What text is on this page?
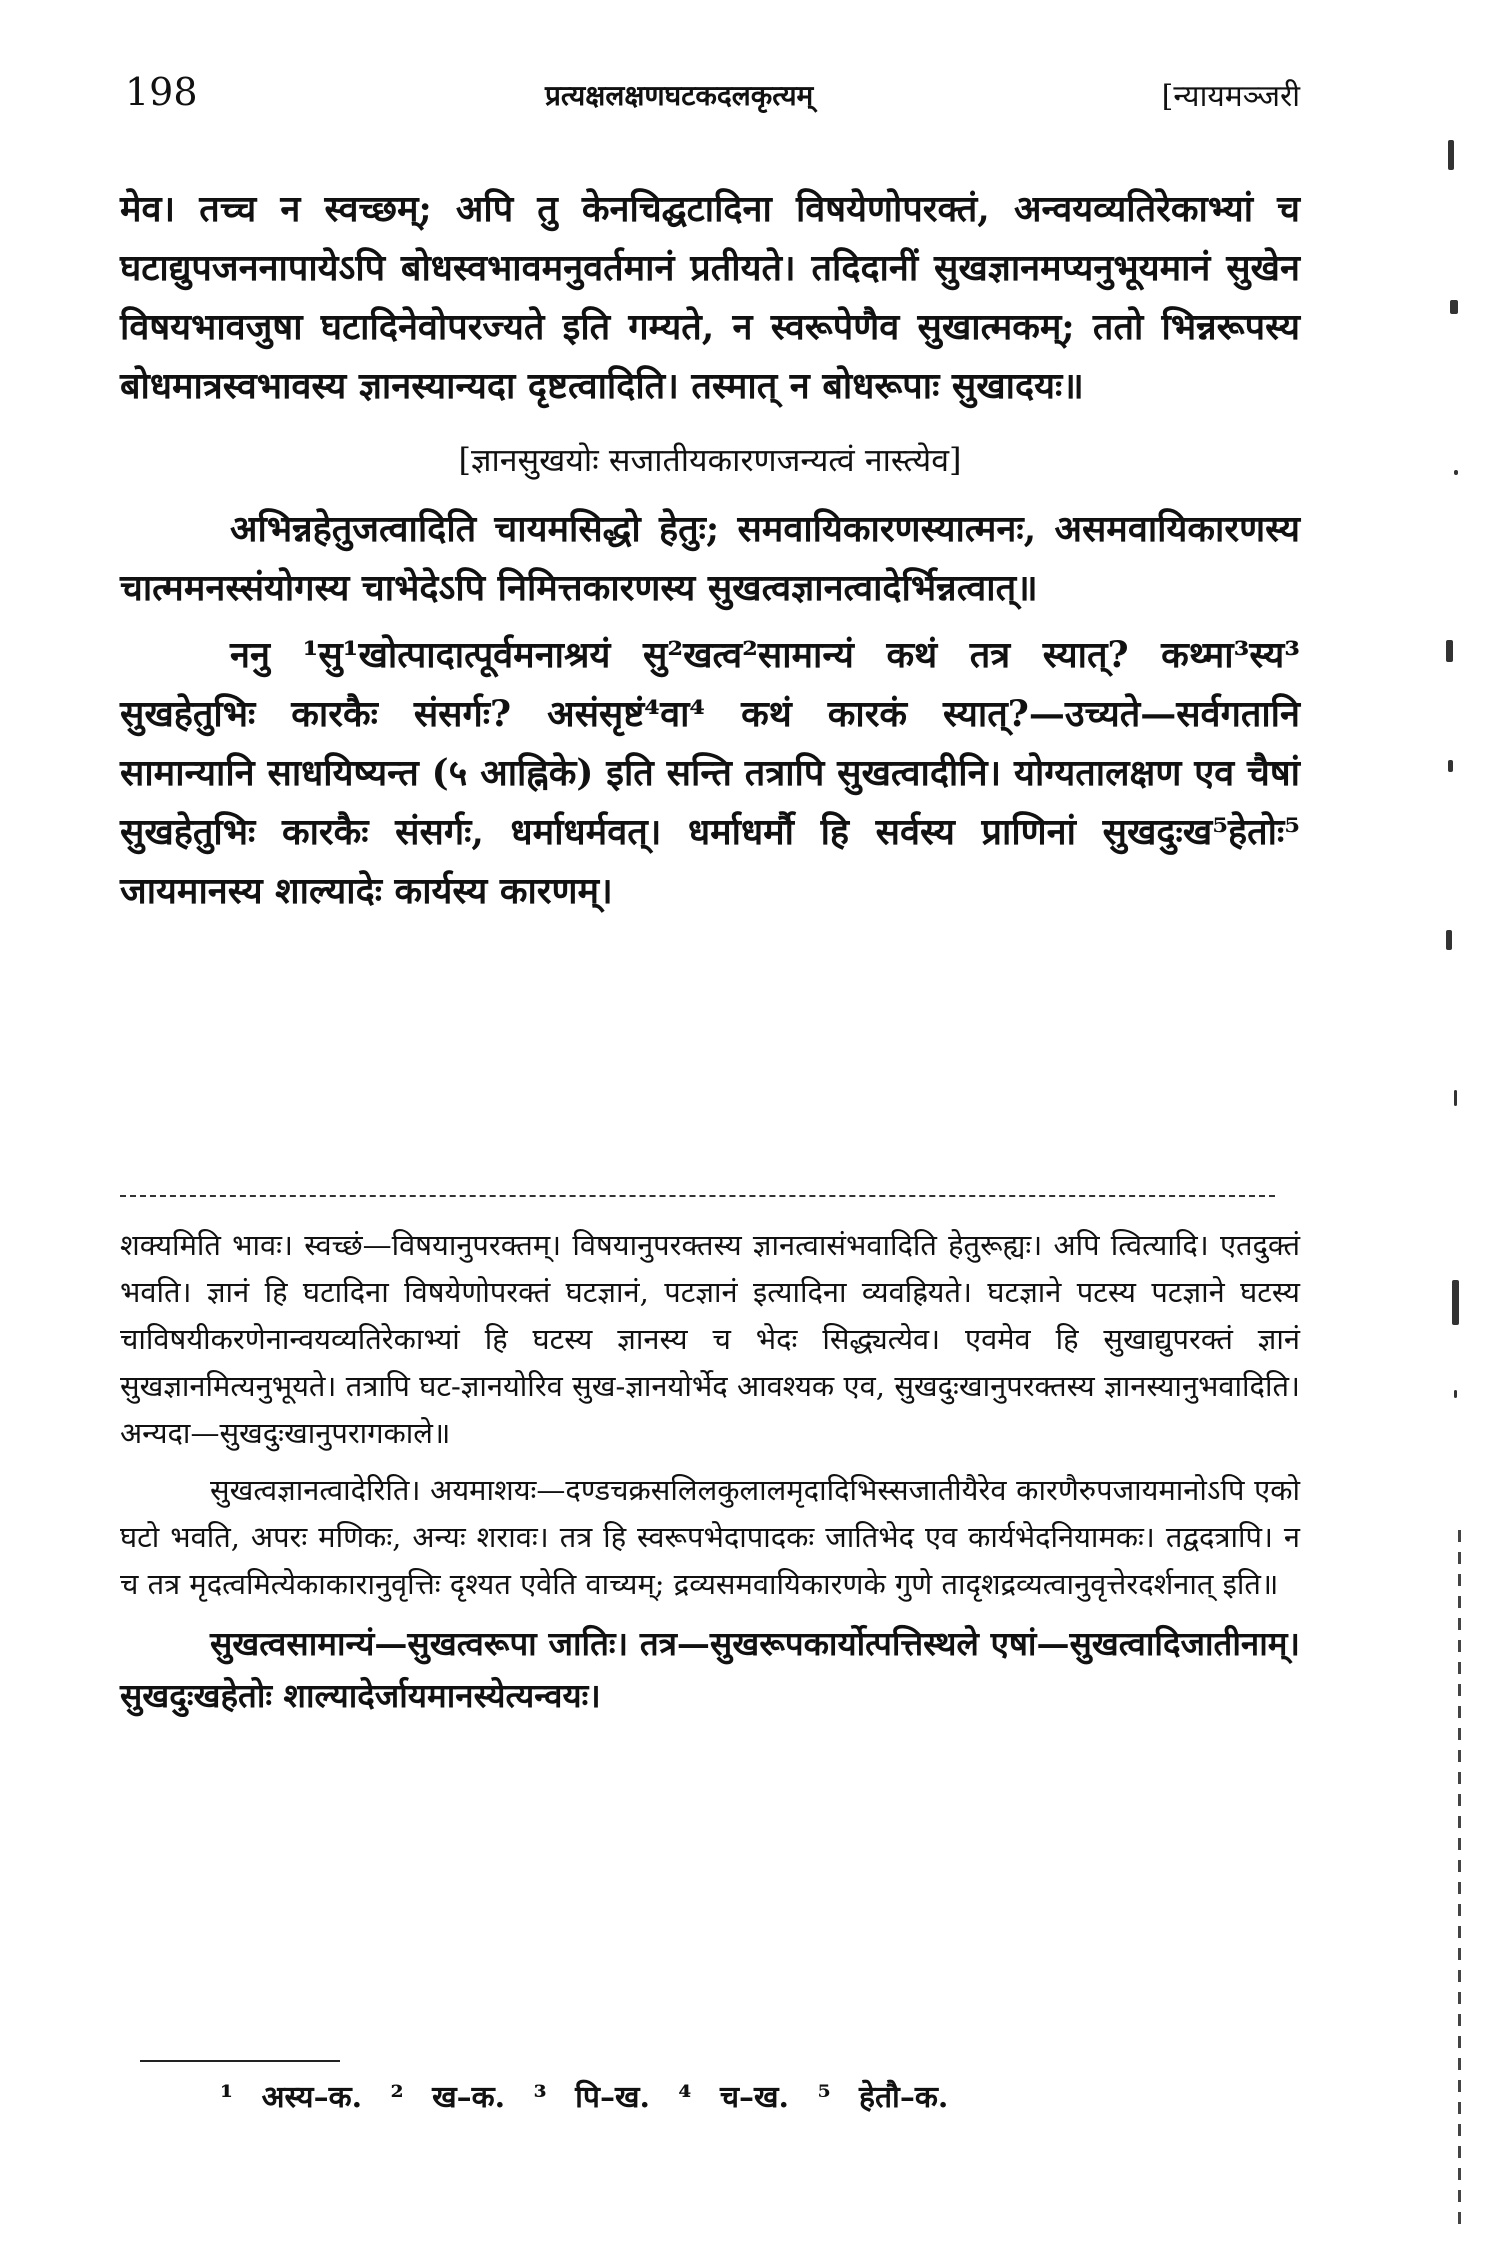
198	प्रत्यक्षलक्षणघटकदलकृत्यम्	[न्यायमञ्जरी

मेव। तच्च न स्वच्छम्; अपि तु केनचिद्घटादिना विषयेणोपरक्तं, अन्वयव्यतिरेकाभ्यां च घटाद्युपजननापायेऽपि बोधस्वभावमनुवर्तमानं प्रतीयते। तदिदानीं सुखज्ञानमप्यनुभूयमानं सुखेन विषयभावजुषा घटादिनेवोपरज्यते इति गम्यते, न स्वरूपेणैव सुखात्मकम्; ततो भिन्नरूपस्य बोधमात्रस्वभावस्य ज्ञानस्यान्यदा दृष्टत्वादिति। तस्मात् न बोधरूपाः सुखादयः॥

[ज्ञानसुखयोः सजातीयकारणजन्यत्वं नास्त्येव]

अभिन्नहेतुजत्वादिति चायमसिद्धो हेतुः; समवायिकारणस्यात्मनः, असमवायिकारणस्य चात्ममनस्संयोगस्य चाभेदेऽपि निमित्तकारणस्य सुखत्वज्ञानत्वादेर्भिन्नत्वात्॥

ननु ¹सु¹खोत्पादात्पूर्वमनाश्रयं सु²खत्व²सामान्यं कथं तत्र स्यात्? कथ्मा³स्य³ सुखहेतुभिः कारकैः संसर्गः? असंसृष्टं⁴वा⁴ कथं कारकं स्यात्?—उच्यते—सर्वगतानि सामान्यानि साधयिष्यन्त (५ आह्निके) इति सन्ति तत्रापि सुखत्वादीनि। योग्यतालक्षण एव चैषां सुखहेतुभिः कारकैः संसर्गः, धर्माधर्मवत्। धर्माधर्मौ हि सर्वस्य प्राणिनां सुखदुःख⁵हेतोः⁵ जायमानस्य शाल्यादेः कार्यस्य कारणम्।

शक्यमिति भावः। स्वच्छं—विषयानुपरक्तम्। विषयानुपरक्तस्य ज्ञानत्वासंभवादिति हेतुरूह्यः। अपि त्वित्यादि। एतदुक्तं भवति। ज्ञानं हि घटादिना विषयेणोपरक्तं घटज्ञानं, पटज्ञानं इत्यादिना व्यवह्रियते। घटज्ञाने पटस्य पटज्ञाने घटस्य चाविषयीकरणेनान्वयव्यतिरेकाभ्यां हि घटस्य ज्ञानस्य च भेदः सिद्ध्यत्येव। एवमेव हि सुखाद्युपरक्तं ज्ञानं सुखज्ञानमित्यनुभूयते। तत्रापि घट-ज्ञानयोरिव सुख-ज्ञानयोर्भेद आवश्यक एव, सुखदुःखानुपरक्तस्य ज्ञानस्यानुभवादिति। अन्यदा—सुखदुःखानुपरागकाले॥

सुखत्वज्ञानत्वादेरिति। अयमाशयः—दण्डचक्रसलिलकुलालमृदादिभिस्सजातीयैरेव कारणैरुपजायमानोऽपि एको घटो भवति, अपरः मणिकः, अन्यः शरावः। तत्र हि स्वरूपभेदापादकः जातिभेद एव कार्यभेदनियामकः। तद्वदत्रापि। न च तत्र मृदत्वमित्येकाकारानुवृत्तिः दृश्यत एवेति वाच्यम्; द्रव्यसमवायिकारणके गुणे तादृशद्रव्यत्वानुवृत्तेरदर्शनात् इति॥

सुखत्वसामान्यं—सुखत्वरूपा जातिः। तत्र—सुखरूपकार्योत्पत्तिस्थले एषां—सुखत्वादिजातीनाम्। सुखदुःखहेतोः शाल्यादेर्जायमानस्येत्यन्वयः।

¹ अस्य–क. ² ख–क. ³ पि–ख. ⁴ च–ख. ⁵ हेतौ–क.
